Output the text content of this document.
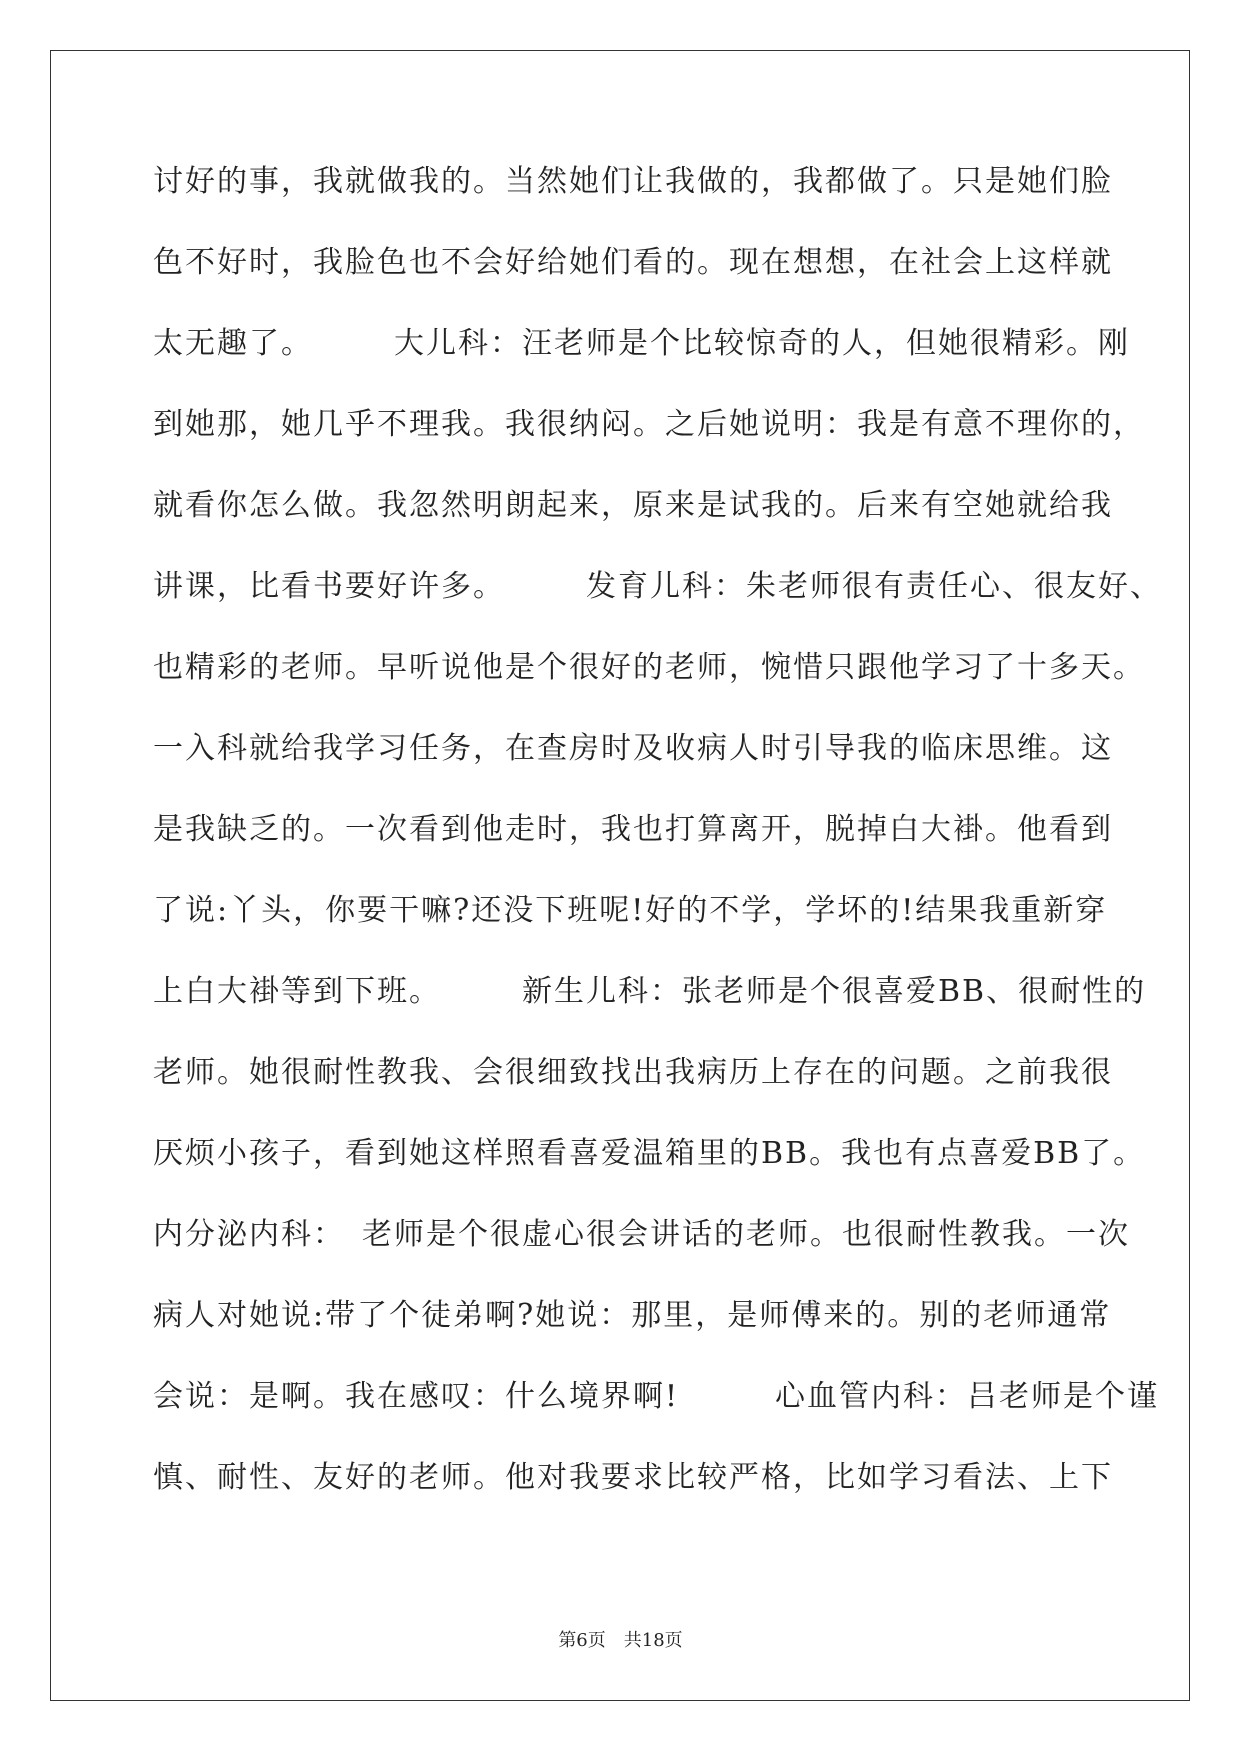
讨好的事，我就做我的。当然她们让我做的，我都做了。只是她们脸
色不好时，我脸色也不会好给她们看的。现在想想，在社会上这样就
太无趣了。　　　大儿科：汪老师是个比较惊奇的人，但她很精彩。刚
到她那，她几乎不理我。我很纳闷。之后她说明：我是有意不理你的，
就看你怎么做。我忽然明朗起来，原来是试我的。后来有空她就给我
讲课，比看书要好许多。　　　发育儿科：朱老师很有责任心、很友好、
也精彩的老师。早听说他是个很好的老师，惋惜只跟他学习了十多天。
一入科就给我学习任务，在查房时及收病人时引导我的临床思维。这
是我缺乏的。一次看到他走时，我也打算离开，脱掉白大褂。他看到
了说:丫头，你要干嘛?还没下班呢!好的不学，学坏的!结果我重新穿
上白大褂等到下班。　　　新生儿科：张老师是个很喜爱BB、很耐性的
老师。她很耐性教我、会很细致找出我病历上存在的问题。之前我很
厌烦小孩子，看到她这样照看喜爱温箱里的BB。我也有点喜爱BB了。
内分泌内科：　老师是个很虚心很会讲话的老师。也很耐性教我。一次
病人对她说:带了个徒弟啊?她说：那里，是师傅来的。别的老师通常
会说：是啊。我在感叹：什么境界啊!　　　心血管内科：吕老师是个谨
慎、耐性、友好的老师。他对我要求比较严格，比如学习看法、上下
第6页　共18页
